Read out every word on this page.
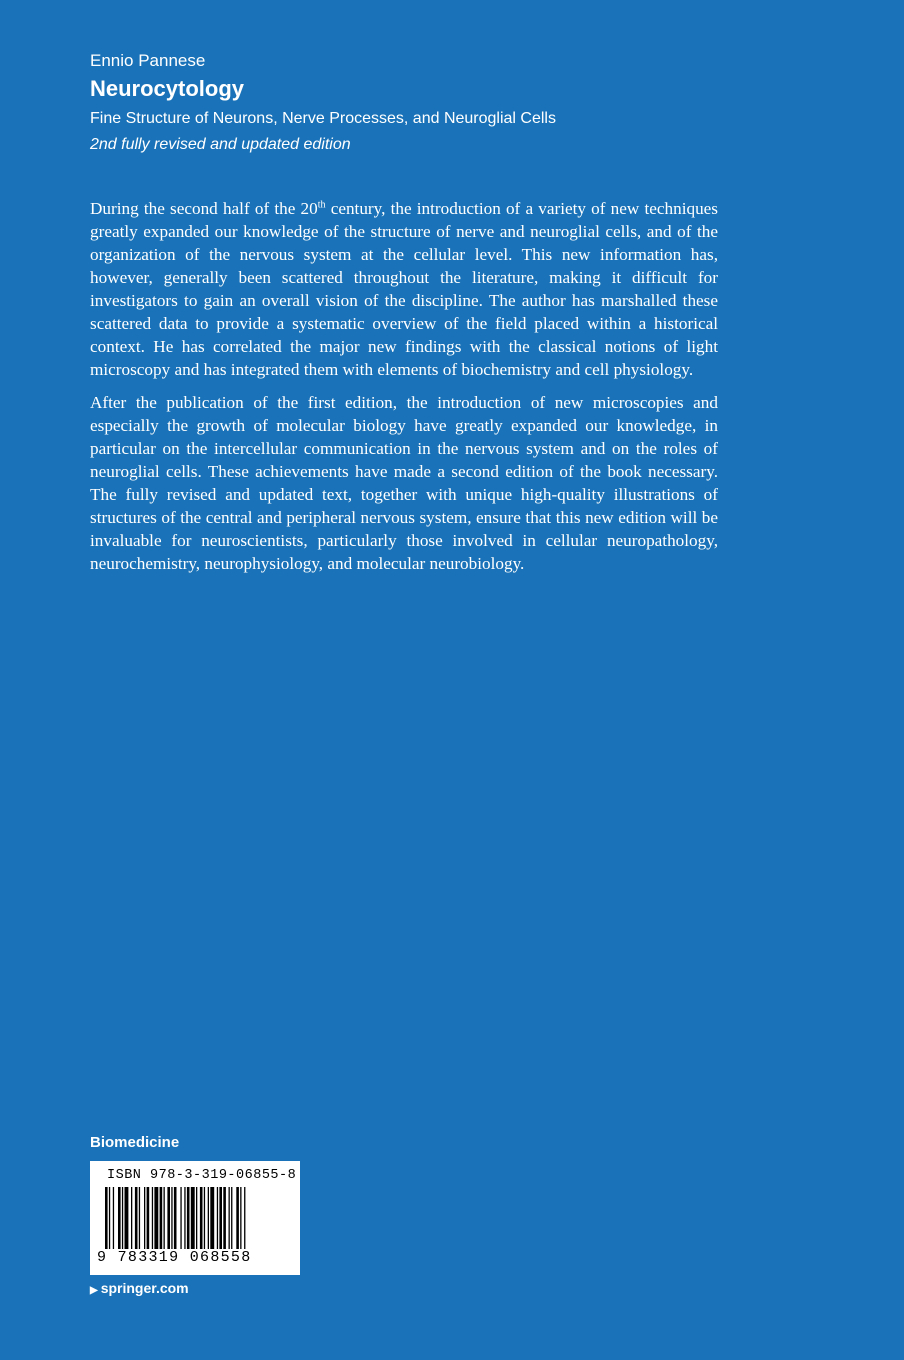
Ennio Pannese
Neurocytology
Fine Structure of Neurons, Nerve Processes, and Neuroglial Cells
2nd fully revised and updated edition

During the second half of the 20th century, the introduction of a variety of new techniques greatly expanded our knowledge of the structure of nerve and neuroglial cells, and of the organization of the nervous system at the cellular level. This new information has, however, generally been scattered throughout the literature, making it difficult for investigators to gain an overall vision of the discipline. The author has marshalled these scattered data to provide a systematic overview of the field placed within a historical context. He has correlated the major new findings with the classical notions of light microscopy and has integrated them with elements of biochemistry and cell physiology.

After the publication of the first edition, the introduction of new microscopies and especially the growth of molecular biology have greatly expanded our knowledge, in particular on the intercellular communication in the nervous system and on the roles of neuroglial cells. These achievements have made a second edition of the book necessary. The fully revised and updated text, together with unique high-quality illustrations of structures of the central and peripheral nervous system, ensure that this new edition will be invaluable for neuroscientists, particularly those involved in cellular neuropathology, neurochemistry, neurophysiology, and molecular neurobiology.

Biomedicine
ISBN 978-3-319-06855-8
9 783319 068558
▶ springer.com
